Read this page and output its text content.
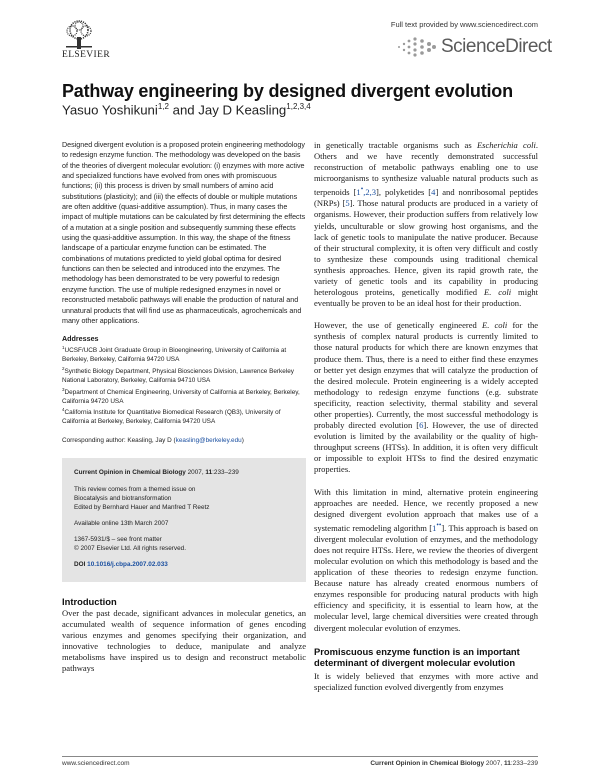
ELSEVIER
Full text provided by www.sciencedirect.com
ScienceDirect
Pathway engineering by designed divergent evolution
Yasuo Yoshikuni$^{1,2}$ and Jay D Keasling$^{1,2,3,4}$

Designed divergent evolution is a proposed protein engineering methodology to redesign enzyme function. The methodology was developed on the basis of the theories of divergent molecular evolution: (i) enzymes with more active and specialized functions have evolved from ones with promiscuous functions; (ii) this process is driven by small numbers of amino acid substitutions (plasticity); and (iii) the effects of double or multiple mutations are often additive (quasi-additive assumption). Thus, in many cases the impact of multiple mutations can be calculated by first determining the effects of a mutation at a single position and subsequently summing these effects using the quasi-additive assumption. In this way, the shape of the fitness landscape of a particular enzyme function can be estimated. The combinations of mutations predicted to yield global optima for desired functions can then be selected and introduced into the enzymes. The methodology has been demonstrated to be very powerful to redesign enzyme function. The use of multiple redesigned enzymes in novel or reconstructed metabolic pathways will enable the production of natural and unnatural products that will find use as pharmaceuticals, agrochemicals and many other applications.

Addresses
$^1$UCSF/UCB Joint Graduate Group in Bioengineering, University of California at Berkeley, Berkeley, California 94720 USA
$^2$Synthetic Biology Department, Physical Biosciences Division, Lawrence Berkeley National Laboratory, Berkeley, California 94710 USA
$^3$Department of Chemical Engineering, University of California at Berkeley, Berkeley, California 94720 USA
$^4$California Institute for Quantitative Biomedical Research (QB3), University of California at Berkeley, Berkeley, California 94720 USA
Corresponding author: Keasling, Jay D (keasling@berkeley.edu)
Current Opinion in Chemical Biology 2007, 11:233–239

This review comes from a themed issue on
Biocatalysis and biotransformation
Edited by Bernhard Hauer and Manfred T Reetz

Available online 13th March 2007

1367-5931/$ – see front matter
© 2007 Elsevier Ltd. All rights reserved.

DOI 10.1016/j.cbpa.2007.02.033

Introduction

Over the past decade, significant advances in molecular genetics, an accumulated wealth of sequence information of genes encoding various enzymes and genomes specifying their organization, and innovative technologies to deduce, manipulate and analyze metabolisms have inspired us to design and reconstruct metabolic pathways

in genetically tractable organisms such as Escherichia coli. Others and we have recently demonstrated successful reconstruction of metabolic pathways enabling one to use microorganisms to synthesize valuable natural products such as terpenoids [1•,2,3], polyketides [4] and nonribosomal peptides (NRPs) [5]. Those natural products are produced in a variety of organisms. However, their production suffers from relatively low yields, unculturable or slow growing host organisms, and the lack of genetic tools to manipulate the native producer. Because of their structural complexity, it is often very difficult and costly to synthesize these compounds using traditional chemical synthesis approaches. Hence, given its rapid growth rate, the variety of genetic tools and its capability in producing heterologous proteins, genetically modified E. coli might eventually be proven to be an ideal host for their production.

However, the use of genetically engineered E. coli for the synthesis of complex natural products is currently limited to those natural products for which there are known enzymes that produce them. Thus, there is a need to either find these enzymes or better yet design enzymes that will catalyze the production of the desired molecule. Protein engineering is a widely accepted methodology to redesign enzyme functions (e.g. substrate specificity, reaction selectivity, thermal stability and several other properties). Currently, the most successful methodology is probably directed evolution [6]. However, the use of directed evolution is limited by the availability or the quality of high-throughput screens (HTSs). In addition, it is often very difficult or impossible to exploit HTSs to find the desired enzymatic properties.

With this limitation in mind, alternative protein engineering approaches are needed. Hence, we recently proposed a new designed divergent evolution approach that makes use of a systematic remodeling algorithm [1••]. This approach is based on divergent molecular evolution of enzymes, and the methodology does not require HTSs. Here, we review the theories of divergent molecular evolution on which this methodology is based and the application of these theories to redesign enzyme function. Because nature has already created enormous numbers of enzymes responsible for producing natural products with high efficiency and specificity, it is essential to learn how, at the molecular level, large chemical diversities were created through divergent molecular evolution of enzymes.

Promiscuous enzyme function is an important determinant of divergent molecular evolution

It is widely believed that enzymes with more active and specialized function evolved divergently from enzymes

www.sciencedirect.com	Current Opinion in Chemical Biology 2007, 11:233–239
